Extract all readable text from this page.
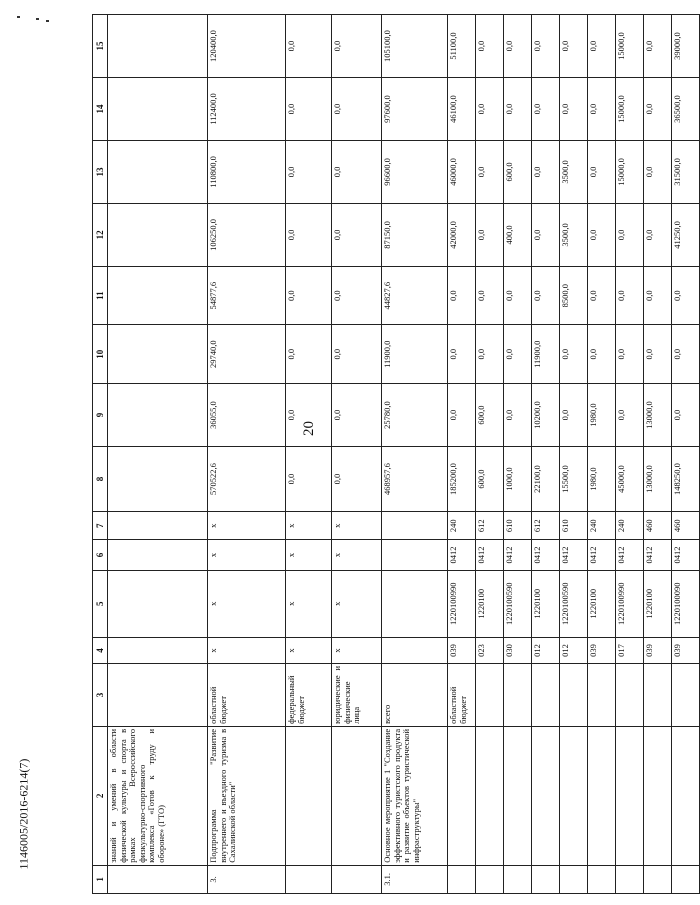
20
1146005/2016-6214(7)
1	2	3	4	5	6	7	8	9	10	11	12	13	14	15
	знаний и умений в области физической культуры и спорта в рамках Всероссийского физкультурно-спортивного комплекса «Готов к труду и обороне» (ГТО)													
3.	Подпрограмма "Развитие внутреннего и въездного туризма в Сахалинской области"	областной бюджет	x	x	x	x	570522,6	36055,0	29740,0	54877,6	106250,0	110800,0	112400,0	120400,0
		федеральный бюджет	x	x	x	x	0,0	0,0	0,0	0,0	0,0	0,0	0,0	0,0
		юридические и физические лица	x	x	x	x	0,0	0,0	0,0	0,0	0,0	0,0	0,0	0,0
3.1.	Основное мероприятие 1 "Создание эффективного туристского продукта и развитие объектов туристической инфраструктуры"	всего					468957,6	25780,0	11900,0	44827,6	87150,0	96600,0	97600,0	105100,0
		областной бюджет	039	1220100990	0412	240	185200,0	0,0	0,0	0,0	42000,0	46000,0	46100,0	51100,0
			023	1220100	0412	612	600,0	600,0	0,0	0,0	0,0	0,0	0,0	0,0
			030	1220100590	0412	610	1000,0	0,0	0,0	0,0	400,0	600,0	0,0	0,0
			012	1220100	0412	612	22100,0	10200,0	11900,0	0,0	0,0	0,0	0,0	0,0
			012	1220100590	0412	610	15500,0	0,0	0,0	8500,0	3500,0	3500,0	0,0	0,0
			039	1220100	0412	240	1980,0	1980,0	0,0	0,0	0,0	0,0	0,0	0,0
			017	1220100990	0412	240	45000,0	0,0	0,0	0,0	0,0	15000,0	15000,0	15000,0
			039	1220100	0412	460	13000,0	13000,0	0,0	0,0	0,0	0,0	0,0	0,0
			039	1220100090	0412	460	148250,0	0,0	0,0	0,0	41250,0	31500,0	36500,0	39000,0
